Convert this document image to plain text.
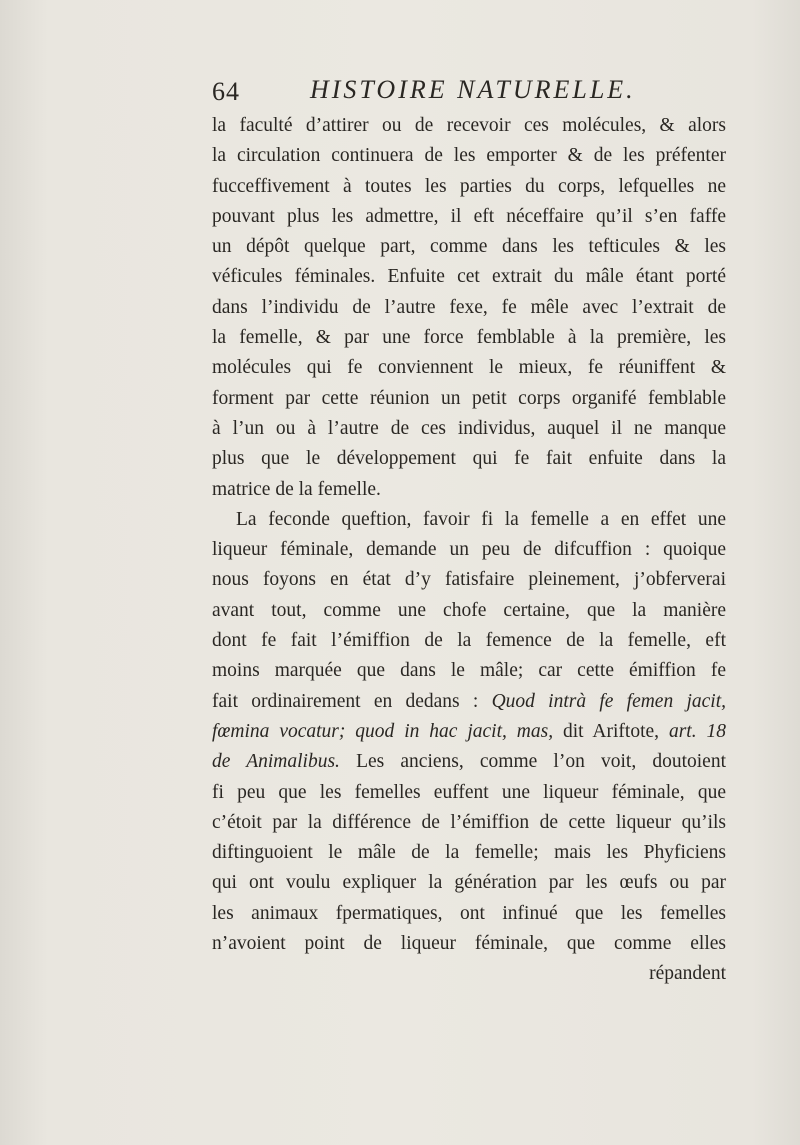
64	HISTOIRE NATURELLE.
la faculté d’attirer ou de recevoir ces molécules, & alors
la circulation continuera de les emporter & de les préfenter
fucceffivement à toutes les parties du corps, lefquelles ne
pouvant plus les admettre, il eft néceffaire qu’il s’en faffe
un dépôt quelque part, comme dans les tefticules & les
véficules féminales. Enfuite cet extrait du mâle étant porté
dans l’individu de l’autre fexe, fe mêle avec l’extrait de
la femelle, & par une force femblable à la première, les
molécules qui fe conviennent le mieux, fe réuniffent &
forment par cette réunion un petit corps organifé femblable
à l’un ou à l’autre de ces individus, auquel il ne manque
plus que le développement qui fe fait enfuite dans la
matrice de la femelle.
La feconde queftion, favoir fi la femelle a en effet une
liqueur féminale, demande un peu de difcuffion : quoique
nous foyons en état d’y fatisfaire pleinement, j’obferverai
avant tout, comme une chofe certaine, que la manière
dont fe fait l’émiffion de la femence de la femelle, eft
moins marquée que dans le mâle; car cette émiffion fe
fait ordinairement en dedans : Quod intrà fe femen jacit,
fœmina vocatur; quod in hac jacit, mas, dit Ariftote, art. 18
de Animalibus. Les anciens, comme l’on voit, doutoient
fi peu que les femelles euffent une liqueur féminale, que
c’étoit par la différence de l’émiffion de cette liqueur qu’ils
diftinguoient le mâle de la femelle; mais les Phyficiens
qui ont voulu expliquer la génération par les œufs ou par
les animaux fpermatiques, ont infinué que les femelles
n’avoient point de liqueur féminale, que comme elles
répandent
